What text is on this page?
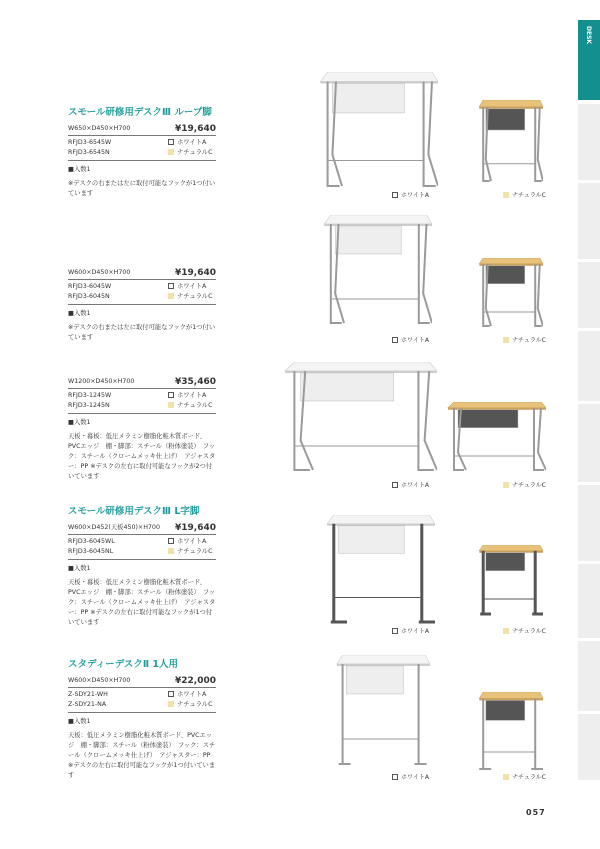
DESK
スモール研修用デスクⅢ ループ脚
W650×D450×H700	¥19,640
RFJD3-6545W	ホワイトA
RFJD3-6545N	ナチュラルC
■入数1
※デスクの右または左に取付可能なフックが1つ付いています	ホワイトA	ナチュラルC
W600×D450×H700	¥19,640
RFJD3-6045W	ホワイトA
RFJD3-6045N	ナチュラルC
■入数1
※デスクの右または左に取付可能なフックが1つ付いています	ホワイトA	ナチュラルC
W1200×D450×H700	¥35,460
RFJD3-1245W	ホワイトA
RFJD3-1245N	ナチュラルC
■入数1
天板・幕板：低圧メラミン樹脂化粧木質ボード、PVCエッジ　棚・脚部：スチール（粉体塗装）　フック：スチール（クロームメッキ仕上げ）　アジャスター：PP ※デスクの左右に取付可能なフックが2つ付いています
ホワイトA	ナチュラルC
スモール研修用デスクⅢ L字脚
W600×D452(天板450)×H700 ¥19,640
RFJD3-6045WL	ホワイトA
RFJD3-6045NL	ナチュラルC
■入数1
天板・幕板：低圧メラミン樹脂化粧木質ボード、PVCエッジ　棚・脚部：スチール（粉体塗装）　フック：スチール（クロームメッキ仕上げ）　アジャスター：PP ※デスクの左右に取付可能なフックが1つ付いています
ホワイトA	ナチュラルC
スタディーデスクⅡ 1人用
W600×D450×H700	¥22,000
Z-SDY21-WH	ホワイトA
Z-SDY21-NA	ナチュラルC
■入数1
天板：低圧メラミン樹脂化粧木質ボード、PVCエッジ　棚・脚部：スチール（粉体塗装）　フック：スチール（クロームメッキ仕上げ）　アジャスター：PP ※デスクの左右に取付可能なフックが1つ付いています	ホワイトA	ナチュラルC
057
